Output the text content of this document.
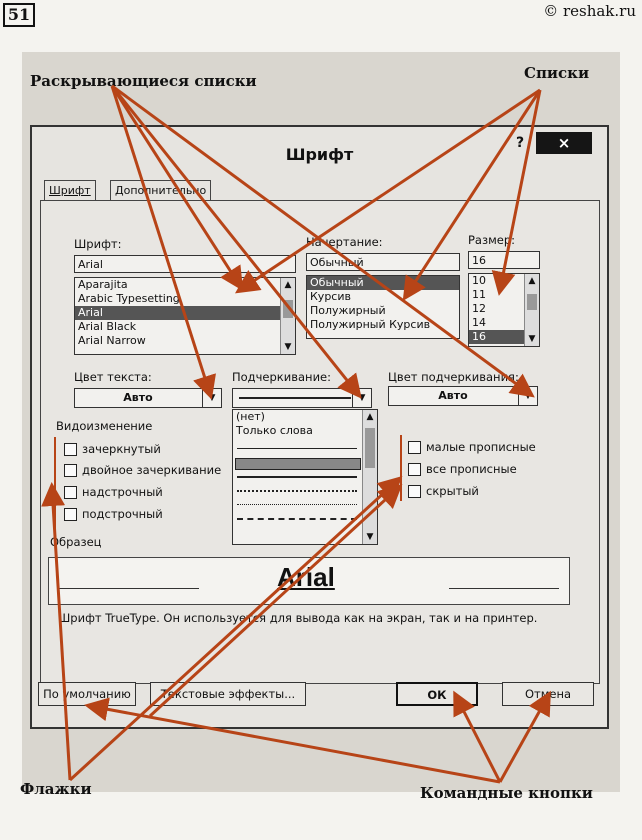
51	© reshak.ru
Шрифт
?	×
Шрифт	Дополнительно
Шрифт:
Arial
Aparajita
Arabic Typesetting
Arial
Arial Black
Arial Narrow
▲
▼
Начертание:
Обычный
Обычный
Курсив
Полужирный
Полужирный Курсив
Размер:
16
10
11
12
14
16
▲
▼
Цвет текста:
Авто	▼
Подчеркивание:
▼
(нет)
Только слова
▲
▼
Цвет подчеркивания:
Авто	▼
Видоизменение
зачеркнутый
двойное зачеркивание
надстрочный
подстрочный
малые прописные
все прописные
скрытый
Образец
Arial
Шрифт TrueType. Он используется для вывода как на экран, так и на принтер.
По умолчанию	Текстовые эффекты...	ОК	Отмена
Раскрывающиеся списки	Списки
Флажки	Командные кнопки
